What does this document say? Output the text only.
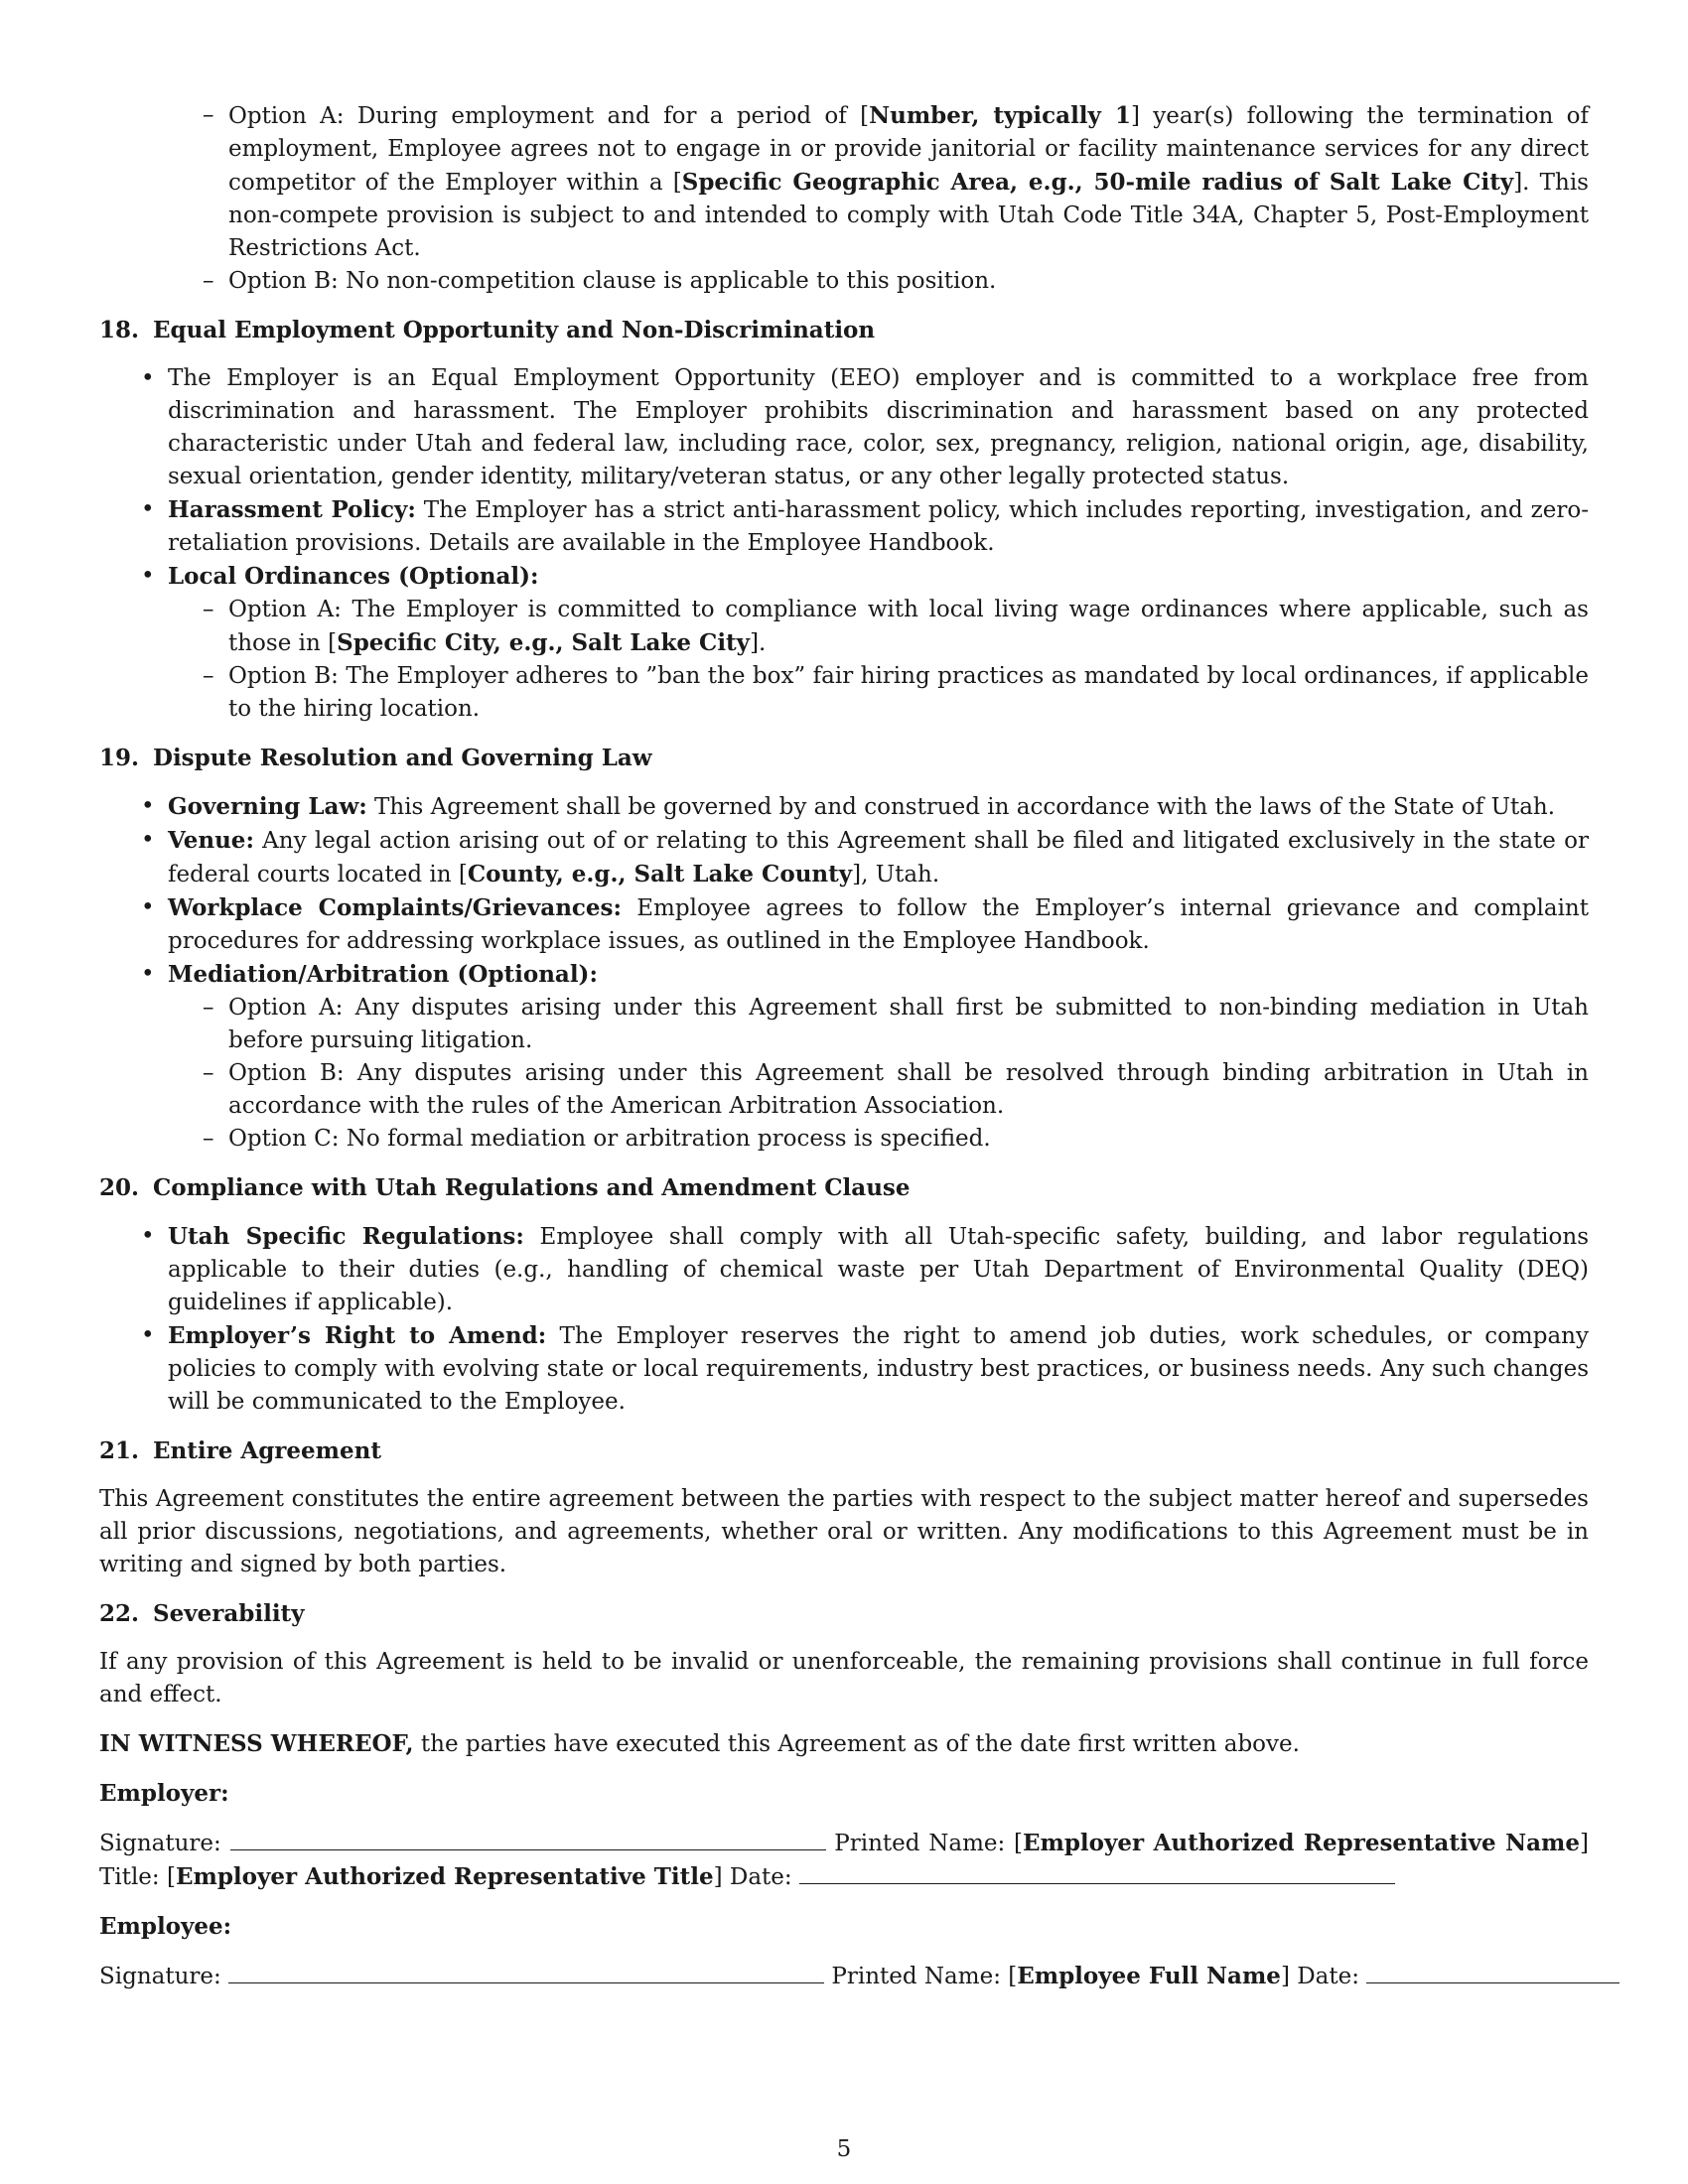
– Option A: During employment and for a period of [Number, typically 1] year(s) following the termination of employment, Employee agrees not to engage in or provide janitorial or facility maintenance services for any direct competitor of the Employer within a [Specific Geographic Area, e.g., 50-mile radius of Salt Lake City]. This non-compete provision is subject to and intended to comply with Utah Code Title 34A, Chapter 5, Post-Employment Restrictions Act.
– Option B: No non-competition clause is applicable to this position.
18. Equal Employment Opportunity and Non-Discrimination
• The Employer is an Equal Employment Opportunity (EEO) employer and is committed to a workplace free from discrimination and harassment. The Employer prohibits discrimination and harassment based on any protected characteristic under Utah and federal law, including race, color, sex, pregnancy, religion, national origin, age, disability, sexual orientation, gender identity, military/veteran status, or any other legally protected status.
• Harassment Policy: The Employer has a strict anti-harassment policy, which includes reporting, investigation, and zero-retaliation provisions. Details are available in the Employee Handbook.
• Local Ordinances (Optional):
– Option A: The Employer is committed to compliance with local living wage ordinances where applicable, such as those in [Specific City, e.g., Salt Lake City].
– Option B: The Employer adheres to ”ban the box” fair hiring practices as mandated by local ordinances, if applicable to the hiring location.
19. Dispute Resolution and Governing Law
• Governing Law: This Agreement shall be governed by and construed in accordance with the laws of the State of Utah.
• Venue: Any legal action arising out of or relating to this Agreement shall be filed and litigated exclusively in the state or federal courts located in [County, e.g., Salt Lake County], Utah.
• Workplace Complaints/Grievances: Employee agrees to follow the Employer’s internal grievance and complaint procedures for addressing workplace issues, as outlined in the Employee Handbook.
• Mediation/Arbitration (Optional):
– Option A: Any disputes arising under this Agreement shall first be submitted to non-binding mediation in Utah before pursuing litigation.
– Option B: Any disputes arising under this Agreement shall be resolved through binding arbitration in Utah in accordance with the rules of the American Arbitration Association.
– Option C: No formal mediation or arbitration process is specified.
20. Compliance with Utah Regulations and Amendment Clause
• Utah Specific Regulations: Employee shall comply with all Utah-specific safety, building, and labor regulations applicable to their duties (e.g., handling of chemical waste per Utah Department of Environmental Quality (DEQ) guidelines if applicable).
• Employer’s Right to Amend: The Employer reserves the right to amend job duties, work schedules, or company policies to comply with evolving state or local requirements, industry best practices, or business needs. Any such changes will be communicated to the Employee.
21. Entire Agreement
This Agreement constitutes the entire agreement between the parties with respect to the subject matter hereof and supersedes all prior discussions, negotiations, and agreements, whether oral or written. Any modifications to this Agreement must be in writing and signed by both parties.
22. Severability
If any provision of this Agreement is held to be invalid or unenforceable, the remaining provisions shall continue in full force and effect.
IN WITNESS WHEREOF, the parties have executed this Agreement as of the date first written above.
Employer:
Signature:	Printed Name: [Employer Authorized Representative Name] Title: [Employer Authorized Representative Title] Date:
Employee:
Signature:	Printed Name: [Employee Full Name] Date:
5
